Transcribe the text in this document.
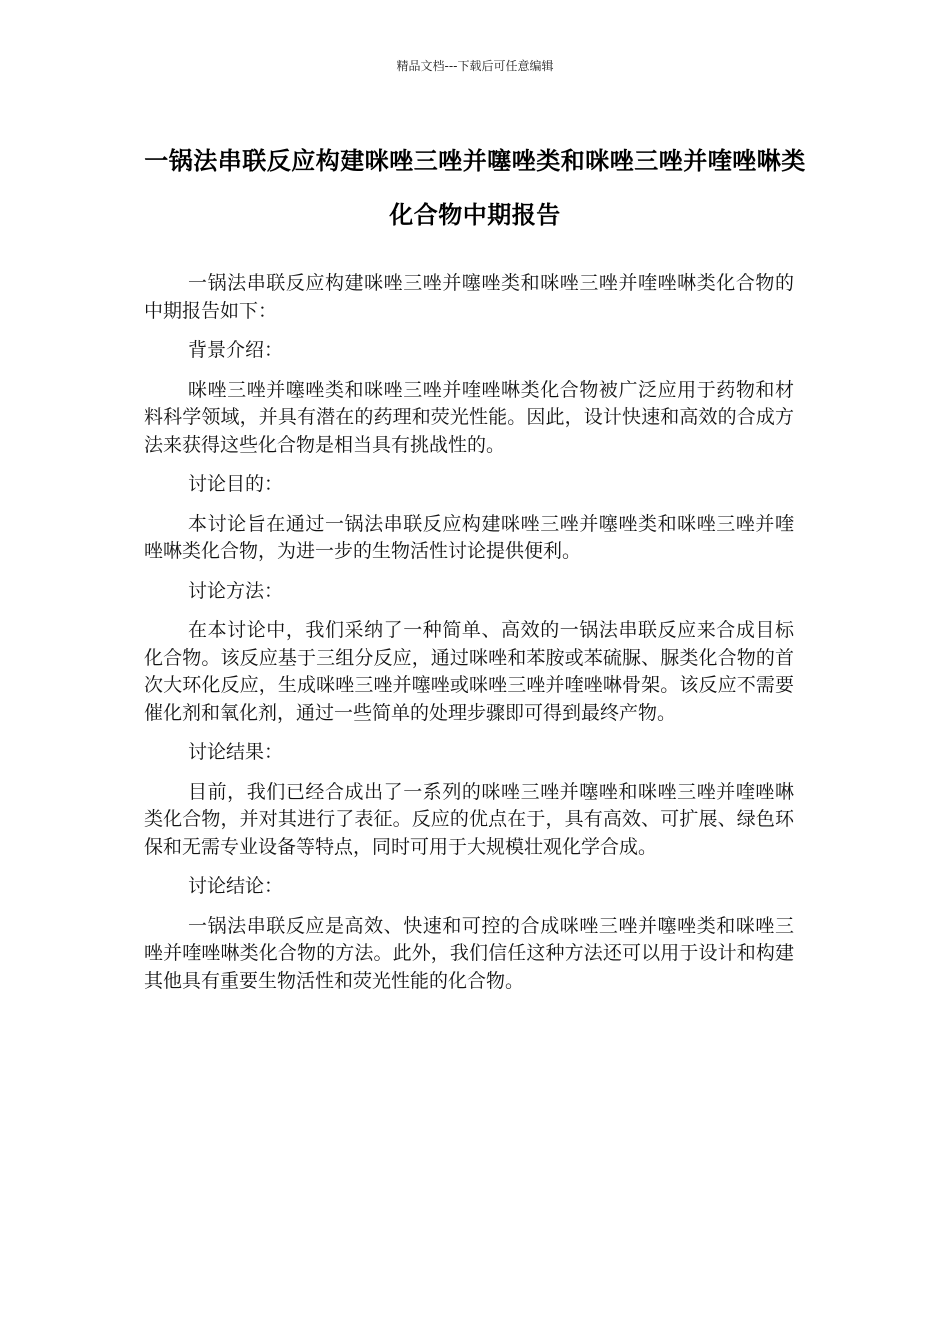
精品文档---下载后可任意编辑
一锅法串联反应构建咪唑三唑并噻唑类和咪唑三唑并喹唑啉类化合物中期报告

一锅法串联反应构建咪唑三唑并噻唑类和咪唑三唑并喹唑啉类化合物的中期报告如下：

背景介绍：

咪唑三唑并噻唑类和咪唑三唑并喹唑啉类化合物被广泛应用于药物和材料科学领域，并具有潜在的药理和荧光性能。因此，设计快速和高效的合成方法来获得这些化合物是相当具有挑战性的。

讨论目的：

本讨论旨在通过一锅法串联反应构建咪唑三唑并噻唑类和咪唑三唑并喹唑啉类化合物，为进一步的生物活性讨论提供便利。

讨论方法：

在本讨论中，我们采纳了一种简单、高效的一锅法串联反应来合成目标化合物。该反应基于三组分反应，通过咪唑和苯胺或苯硫脲、脲类化合物的首次大环化反应，生成咪唑三唑并噻唑或咪唑三唑并喹唑啉骨架。该反应不需要催化剂和氧化剂，通过一些简单的处理步骤即可得到最终产物。

讨论结果：

目前，我们已经合成出了一系列的咪唑三唑并噻唑和咪唑三唑并喹唑啉类化合物，并对其进行了表征。反应的优点在于，具有高效、可扩展、绿色环保和无需专业设备等特点，同时可用于大规模壮观化学合成。

讨论结论：

一锅法串联反应是高效、快速和可控的合成咪唑三唑并噻唑类和咪唑三唑并喹唑啉类化合物的方法。此外，我们信任这种方法还可以用于设计和构建其他具有重要生物活性和荧光性能的化合物。
